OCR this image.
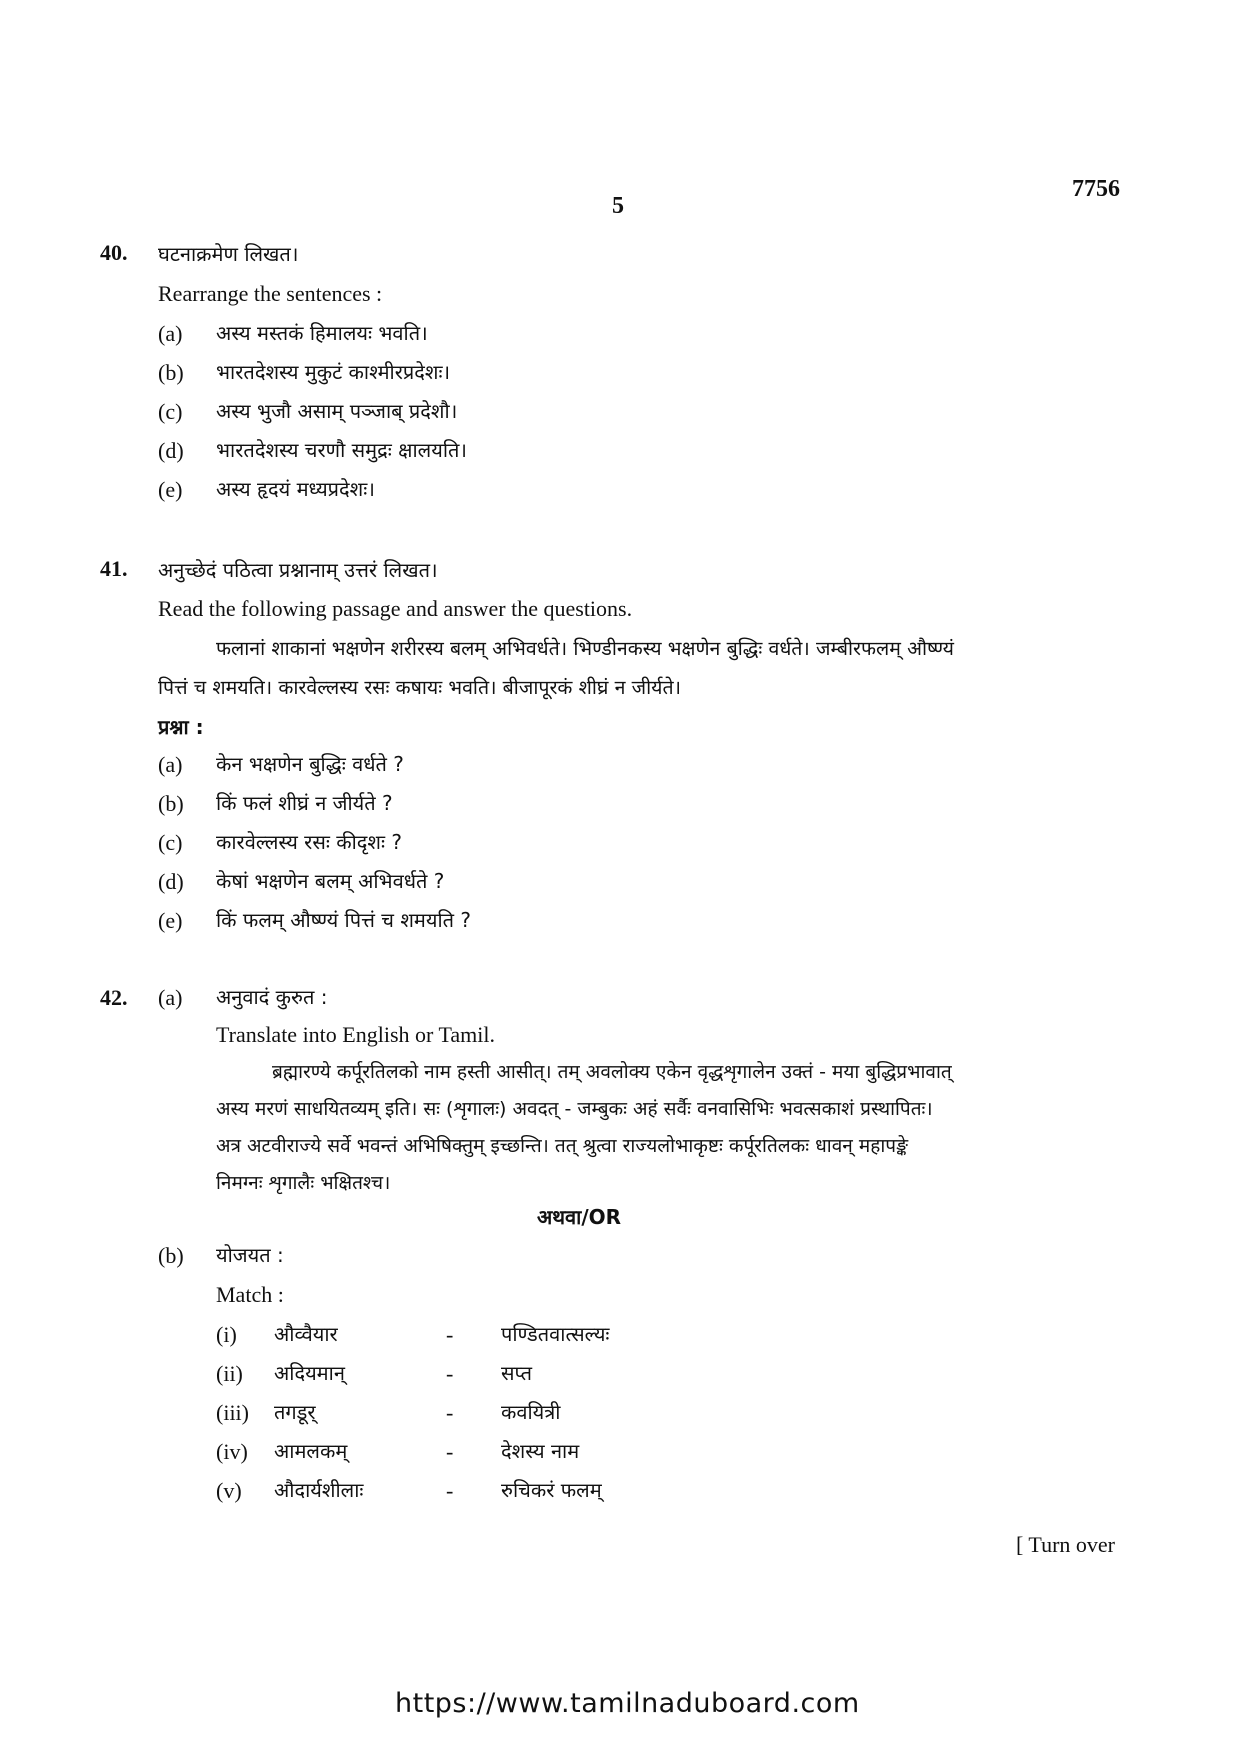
5
7756
40. घटनाक्रमेण लिखत।
Rearrange the sentences :
(a) अस्य मस्तकं हिमालयः भवति।
(b) भारतदेशस्य मुकुटं काश्मीरप्रदेशः।
(c) अस्य भुजौ असाम् पञ्जाब् प्रदेशौ।
(d) भारतदेशस्य चरणौ समुद्रः क्षालयति।
(e) अस्य हृदयं मध्यप्रदेशः।
41. अनुच्छेदं पठित्वा प्रश्नानाम् उत्तरं लिखत।
Read the following passage and answer the questions.
फलानां शाकानां भक्षणेन शरीरस्य बलम् अभिवर्धते। भिण्डीनकस्य भक्षणेन बुद्धिः वर्धते। जम्बीरफलम् औष्ण्यं
पित्तं च शमयति। कारवेल्लस्य रसः कषायः भवति। बीजापूरकं शीघ्रं न जीर्यते।
प्रश्ना :
(a) केन भक्षणेन बुद्धिः वर्धते ?
(b) किं फलं शीघ्रं न जीर्यते ?
(c) कारवेल्लस्य रसः कीदृशः ?
(d) केषां भक्षणेन बलम् अभिवर्धते ?
(e) किं फलम् औष्ण्यं पित्तं च शमयति ?
42. (a) अनुवादं कुरुत :
Translate into English or Tamil.
ब्रह्मारण्ये कर्पूरतिलको नाम हस्ती आसीत्। तम् अवलोक्य एकेन वृद्धशृगालेन उक्तं - मया बुद्धिप्रभावात्
अस्य मरणं साधयितव्यम् इति। सः (शृगालः) अवदत् - जम्बुकः अहं सर्वैः वनवासिभिः भवत्सकाशं प्रस्थापितः।
अत्र अटवीराज्ये सर्वे भवन्तं अभिषिक्तुम् इच्छन्ति। तत् श्रुत्वा राज्यलोभाकृष्टः कर्पूरतिलकः धावन् महापङ्के
निमग्नः शृगालैः भक्षितश्च।
अथवा/OR
(b) योजयत :
Match :
(i) औव्वैयार	- पण्डितवात्सल्यः
(ii) अदियमान्	- सप्त
(iii) तगडूर्	- कवयित्री
(iv) आमलकम्	- देशस्य नाम
(v) औदार्यशीलाः	- रुचिकरं फलम्
[ Turn over
https://www.tamilnaduboard.com
